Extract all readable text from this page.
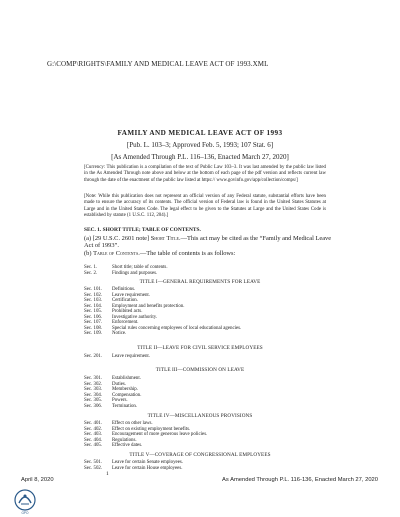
G:\COMP\RIGHTS\FAMILY AND MEDICAL LEAVE ACT OF 1993.XML
FAMILY AND MEDICAL LEAVE ACT OF 1993
[Pub. L. 103–3; Approved Feb. 5, 1993; 107 Stat. 6]
[As Amended Through P.L. 116–136, Enacted March 27, 2020]
[Currency: This publication is a compilation of the text of Public Law 103–3. It was last amended by the public law listed in the As Amended Through note above and below at the bottom of each page of the pdf version and reflects current law through the date of the enactment of the public law listed at https:// www.govinfo.gov/app/collection/comps/]
[Note: While this publication does not represent an official version of any Federal statute, substantial efforts have been made to ensure the accuracy of its contents. The official version of Federal law is found in the United States Statutes at Large and in the United States Code. The legal effect to be given to the Statutes at Large and the United States Code is established by statute (1 U.S.C. 112, 204).]
SEC. 1. SHORT TITLE; TABLE OF CONTENTS.
(a) [29 U.S.C. 2601 note] Short Title.—This act may be cited as the “Family and Medical Leave Act of 1993”.
(b) Table of Contents.—The table of contents is as follows:
Sec. 1.	Short title; table of contents.
Sec. 2.	Findings and purposes.
TITLE I—GENERAL REQUIREMENTS FOR LEAVE
Sec. 101.	Definitions.
Sec. 102.	Leave requirement.
Sec. 103.	Certification.
Sec. 104.	Employment and benefits protection.
Sec. 105.	Prohibited acts.
Sec. 106.	Investigative authority.
Sec. 107.	Enforcement.
Sec. 108.	Special rules concerning employees of local educational agencies.
Sec. 109.	Notice.
TITLE II—LEAVE FOR CIVIL SERVICE EMPLOYEES
Sec. 201.	Leave requirement.
TITLE III—COMMISSION ON LEAVE
Sec. 301.	Establishment.
Sec. 302.	Duties.
Sec. 303.	Membership.
Sec. 304.	Compensation.
Sec. 305.	Powers.
Sec. 306.	Termination.
TITLE IV—MISCELLANEOUS PROVISIONS
Sec. 401.	Effect on other laws.
Sec. 402.	Effect on existing employment benefits.
Sec. 403.	Encouragement of more generous leave policies.
Sec. 404.	Regulations.
Sec. 405.	Effective dates.
TITLE V—COVERAGE OF CONGRESSIONAL EMPLOYEES
Sec. 501.	Leave for certain Senate employees.
Sec. 502.	Leave for certain House employees.
1
April 8, 2020	As Amended Through P.L. 116-136, Enacted March 27, 2020
GPO
